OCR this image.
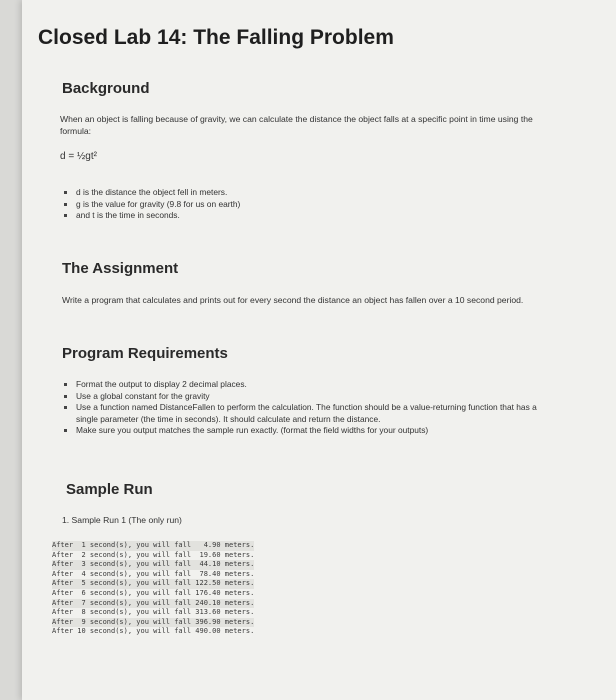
Closed Lab 14: The Falling Problem
Background
When an object is falling because of gravity, we can calculate the distance the object falls at a specific point in time using the formula:
d = ½gt²
d is the distance the object fell in meters.
g is the value for gravity (9.8 for us on earth)
and t is the time in seconds.
The Assignment
Write a program that calculates and prints out for every second the distance an object has fallen over a 10 second period.
Program Requirements
Format the output to display 2 decimal places.
Use a global constant for the gravity
Use a function named DistanceFallen to perform the calculation. The function should be a value-returning function that has a single parameter (the time in seconds). It should calculate and return the distance.
Make sure you output matches the sample run exactly. (format the field widths for your outputs)
Sample Run
1. Sample Run 1 (The only run)
After  1 second(s), you will fall   4.90 meters.
After  2 second(s), you will fall  19.60 meters.
After  3 second(s), you will fall  44.10 meters.
After  4 second(s), you will fall  78.40 meters.
After  5 second(s), you will fall 122.50 meters.
After  6 second(s), you will fall 176.40 meters.
After  7 second(s), you will fall 240.10 meters.
After  8 second(s), you will fall 313.60 meters.
After  9 second(s), you will fall 396.90 meters.
After 10 second(s), you will fall 490.00 meters.
